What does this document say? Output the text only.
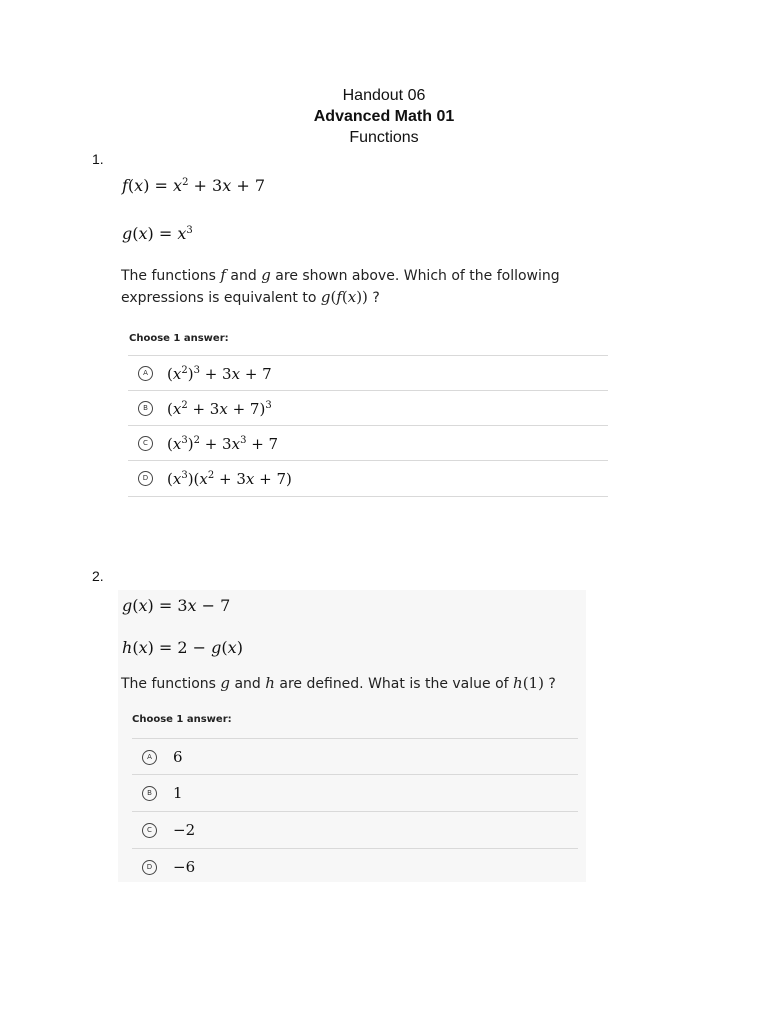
Handout 06
Advanced Math 01
Functions
1.
$f(x) = x^2 + 3x + 7$
$g(x) = x^3$
The functions f and g are shown above. Which of the following expressions is equivalent to g(f(x)) ?
Choose 1 answer:
A	$(x^2)^3 + 3x + 7$
B	$(x^2 + 3x + 7)^3$
C	$(x^3)^2 + 3x^3 + 7$
D	$(x^3)(x^2 + 3x + 7)$
2.
g(x) = 3x − 7
h(x) = 2 − g(x)
The functions g and h are defined. What is the value of h(1) ?
Choose 1 answer:
A	6
B	1
C	−2
D	−6
